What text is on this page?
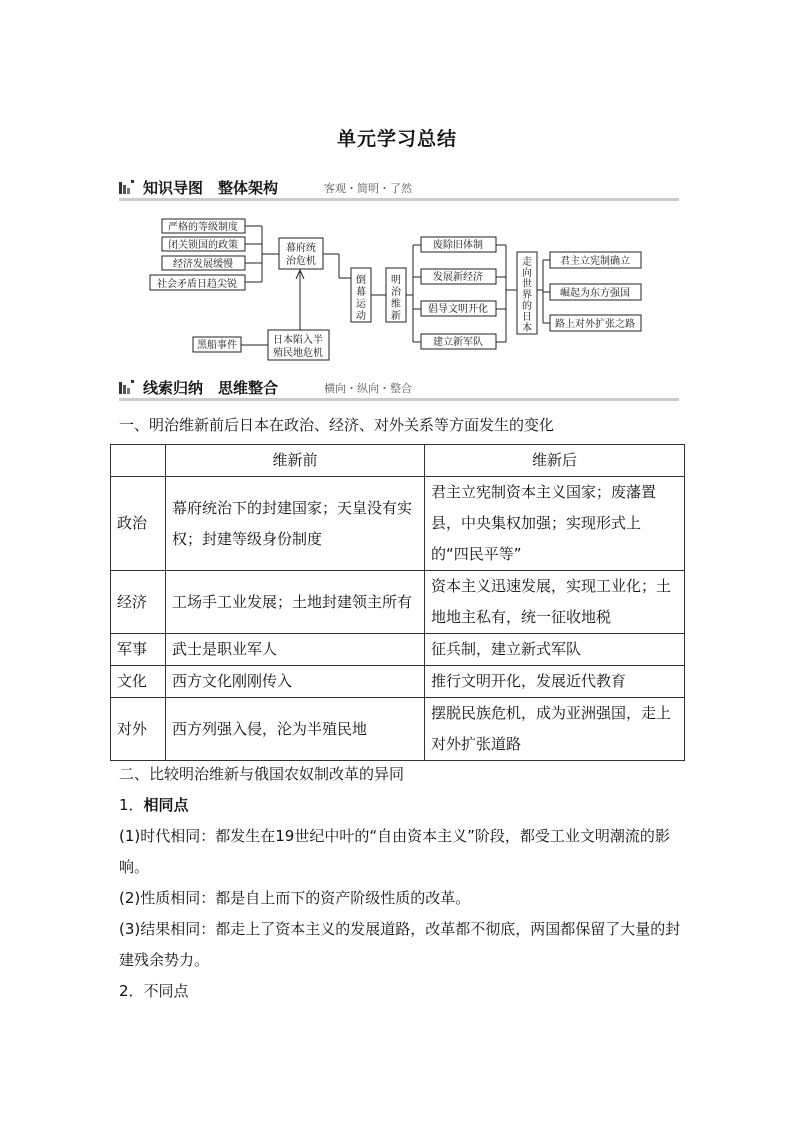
单元学习总结
知识导图　整体架构	客观・简明・了然
严格的等级制度
闭关锁国的政策
经济发展缓慢
社会矛盾日趋尖锐
幕府统
治危机
黑船事件	日本陷入半
殖民地危机
倒
幕
运
动
明
治
维
新
废除旧体制
发展新经济
倡导文明开化
建立新军队
走
向
世
界
的
日
本
君主立宪制确立
崛起为东方强国
路上对外扩张之路
线索归纳　思维整合	横向・纵向・整合
一、明治维新前后日本在政治、经济、对外关系等方面发生的变化
	维新前	维新后
政治	幕府统治下的封建国家；天皇没有实权；封建等级身份制度	君主立宪制资本主义国家；废藩置县，中央集权加强；实现形式上的“四民平等”
经济	工场手工业发展；土地封建领主所有	资本主义迅速发展，实现工业化；土地地主私有，统一征收地税
军事	武士是职业军人	征兵制，建立新式军队
文化	西方文化刚刚传入	推行文明开化，发展近代教育
对外	西方列强入侵，沦为半殖民地	摆脱民族危机，成为亚洲强国，走上对外扩张道路
二、比较明治维新与俄国农奴制改革的异同
1．相同点
(1)时代相同：都发生在19世纪中叶的“自由资本主义”阶段，都受工业文明潮流的影响。
(2)性质相同：都是自上而下的资产阶级性质的改革。
(3)结果相同：都走上了资本主义的发展道路，改革都不彻底，两国都保留了大量的封建残余势力。
2．不同点
